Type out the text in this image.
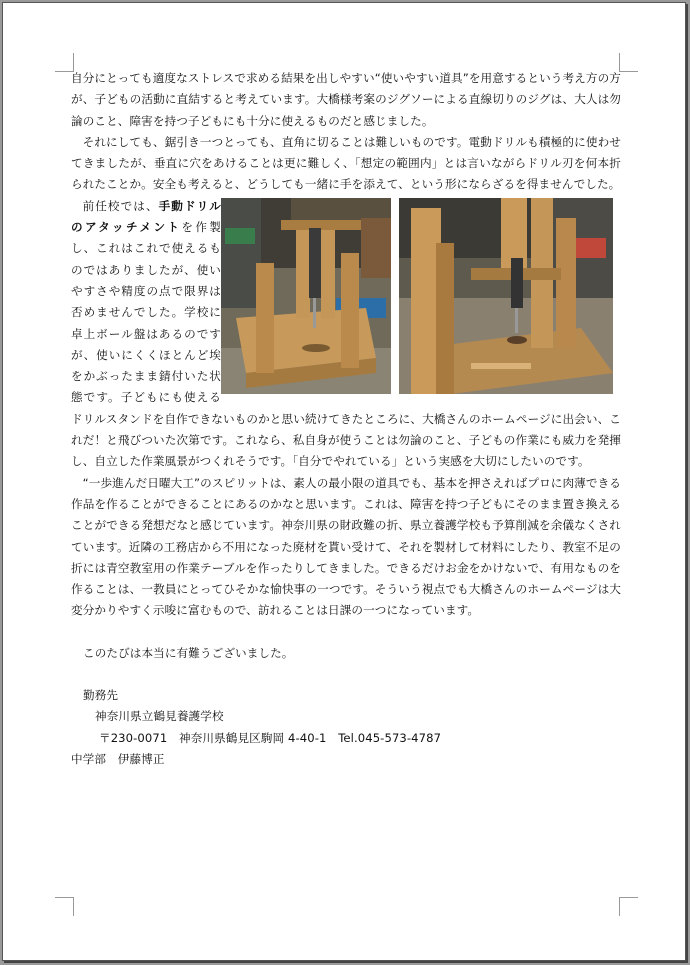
自分にとっても適度なストレスで求める結果を出しやすい“使いやすい道具”を用意するという考え方の方が、子どもの活動に直結すると考えています。大橋様考案のジグソーによる直線切りのジグは、大人は勿論のこと、障害を持つ子どもにも十分に使えるものだと感じました。

それにしても、鋸引き一つとっても、直角に切ることは難しいものです。電動ドリルも積極的に使わせてきましたが、垂直に穴をあけることは更に難しく、「想定の範囲内」とは言いながらドリル刃を何本折られたことか。安全も考えると、どうしても一緒に手を添えて、という形にならざるを得ませんでした。

前任校では、手動ドリルのアタッチメントを作製し、これはこれで使えるものではありましたが、使いやすさや精度の点で限界は否めませんでした。学校に卓上ボール盤はあるのですが、使いにくくほとんど埃をかぶったまま錆付いた状態です。子どもにも使えるドリルスタンドを自作できないものかと思い続けてきたところに、大橋さんのホームページに出会い、これだ！と飛びついた次第です。これなら、私自身が使うことは勿論のこと、子どもの作業にも威力を発揮し、自立した作業風景がつくれそうです。「自分でやれている」という実感を大切にしたいのです。

“一歩進んだ日曜大工”のスピリットは、素人の最小限の道具でも、基本を押さえればプロに肉薄できる作品を作ることができることにあるのかなと思います。これは、障害を持つ子どもにそのまま置き換えることができる発想だなと感じています。神奈川県の財政難の折、県立養護学校も予算削減を余儀なくされています。近隣の工務店から不用になった廃材を貰い受けて、それを製材して材料にしたり、教室不足の折には青空教室用の作業テーブルを作ったりしてきました。できるだけお金をかけないで、有用なものを作ることは、一教員にとってひそかな愉快事の一つです。そういう視点でも大橋さんのホームページは大変分かりやすく示唆に富むもので、訪れることは日課の一つになっています。

このたびは本当に有難うございました。

勤務先

神奈川県立鶴見養護学校

〒230-0071　神奈川県鶴見区駒岡 4-40-1　Tel.045-573-4787

中学部　伊藤博正
